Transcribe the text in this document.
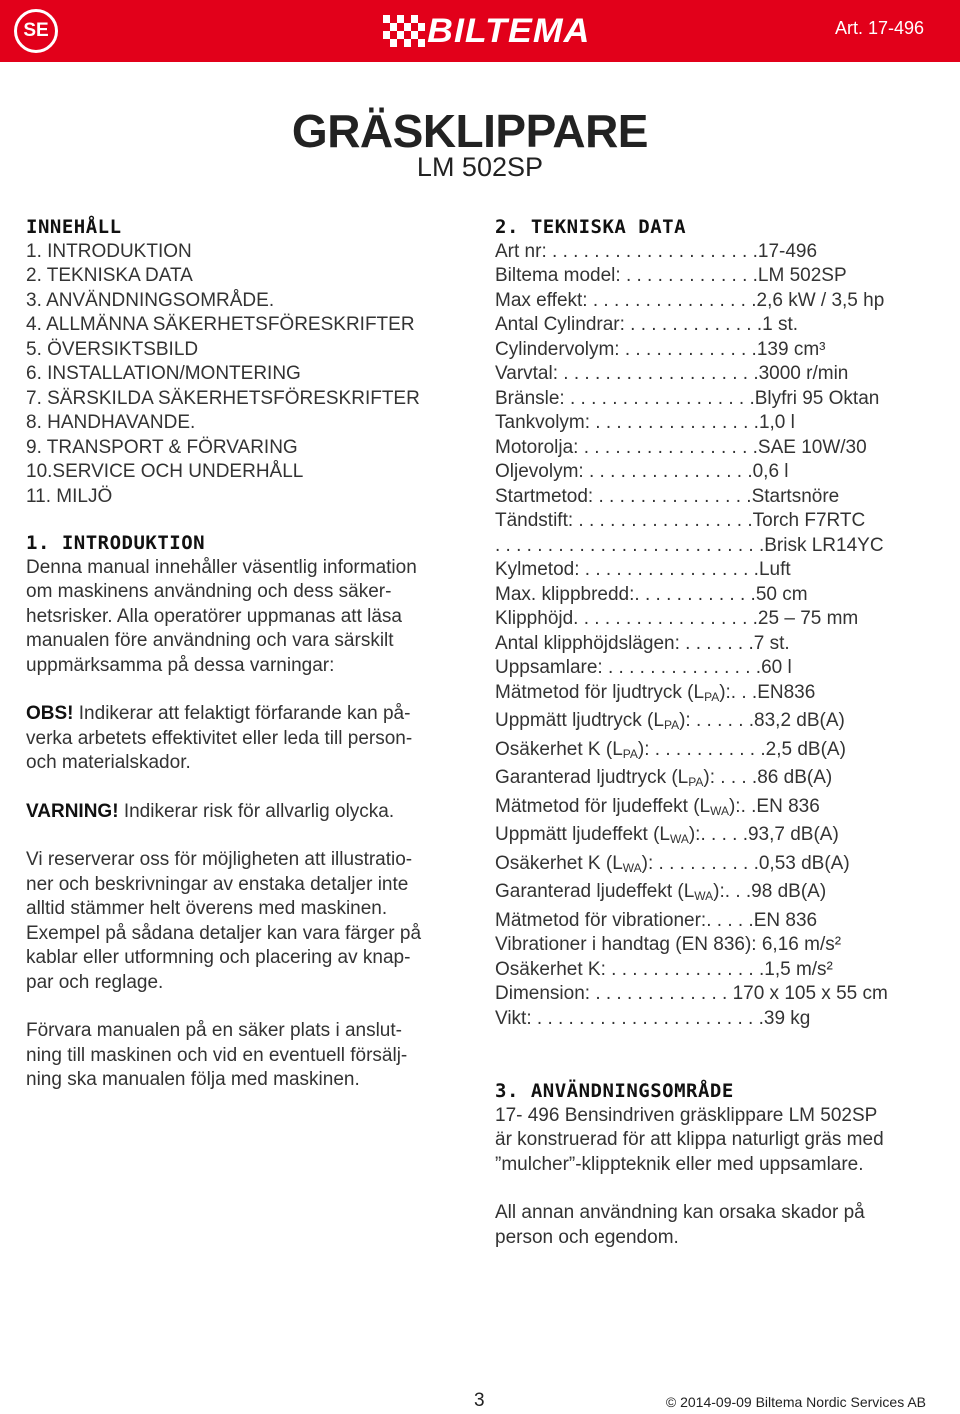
SE	BILTEMA	Art. 17-496
GRÄSKLIPPARE
LM 502SP
INNEHÅLL
1. INTRODUKTION
2. TEKNISKA DATA
3. ANVÄNDNINGSOMRÅDE.
4. ALLMÄNNA SÄKERHETSFÖRESKRIFTER
5. ÖVERSIKTSBILD
6. INSTALLATION/MONTERING
7. SÄRSKILDA SÄKERHETSFÖRESKRIFTER
8. HANDHAVANDE.
9. TRANSPORT & FÖRVARING
10.SERVICE OCH UNDERHÅLL
11. MILJÖ
1. INTRODUKTION
Denna manual innehåller väsentlig information
om maskinens användning och dess säker-
hetsrisker. Alla operatörer uppmanas att läsa
manualen före användning och vara särskilt
uppmärksamma på dessa varningar:
OBS! Indikerar att felaktigt förfarande kan på-
verka arbetets effektivitet eller leda till person-
och materialskador.
VARNING! Indikerar risk för allvarlig olycka.
Vi reserverar oss för möjligheten att illustratio-
ner och beskrivningar av enstaka detaljer inte
alltid stämmer helt överens med maskinen.
Exempel på sådana detaljer kan vara färger på
kablar eller utformning och placering av knap-
par och reglage.
Förvara manualen på en säker plats i anslut-
ning till maskinen och vid en eventuell försälj-
ning ska manualen följa med maskinen.
2. TEKNISKA DATA
Art nr: . . . . . . . . . . . . . . . . . . . .17-496
Biltema model: . . . . . . . . . . . . .LM 502SP
Max effekt: . . . . . . . . . . . . . . . .2,6 kW / 3,5 hp
Antal Cylindrar: . . . . . . . . . . . . .1 st.
Cylindervolym: . . . . . . . . . . . . .139 cm³
Varvtal: . . . . . . . . . . . . . . . . . . .3000 r/min
Bränsle: . . . . . . . . . . . . . . . . . .Blyfri 95 Oktan
Tankvolym: . . . . . . . . . . . . . . . .1,0 l
Motorolja: . . . . . . . . . . . . . . . . .SAE 10W/30
Oljevolym: . . . . . . . . . . . . . . . .0,6 l
Startmetod: . . . . . . . . . . . . . . .Startsnöre
Tändstift: . . . . . . . . . . . . . . . . .Torch F7RTC
. . . . . . . . . . . . . . . . . . . . . . . . . .Brisk LR14YC
Kylmetod: . . . . . . . . . . . . . . . . .Luft
Max. klippbredd:. . . . . . . . . . . .50 cm
Klipphöjd. . . . . . . . . . . . . . . . . .25 – 75 mm
Antal klipphöjdslägen: . . . . . . .7 st.
Uppsamlare: . . . . . . . . . . . . . . .60 l
Mätmetod för ljudtryck $(L_{PA})$:. . .EN836
Uppmätt ljudtryck $(L_{PA})$: . . . . . .83,2 dB(A)
Osäkerhet K $(L_{PA})$: . . . . . . . . . . .2,5 dB(A)
Garanterad ljudtryck $(L_{PA})$: . . . .86 dB(A)
Mätmetod för ljudeffekt $(L_{WA})$:. .EN 836
Uppmätt ljudeffekt $(L_{WA})$:. . . . .93,7 dB(A)
Osäkerhet K $(L_{WA})$: . . . . . . . . . .0,53 dB(A)
Garanterad ljudeffekt $(L_{WA})$:. . .98 dB(A)
Mätmetod för vibrationer:. . . . .EN 836
Vibrationer i handtag (EN 836): 6,16 m/s²
Osäkerhet K: . . . . . . . . . . . . . . .1,5 m/s²
Dimension: . . . . . . . . . . . . . 170 x 105 x 55 cm
Vikt: . . . . . . . . . . . . . . . . . . . . . .39 kg
3. ANVÄNDNINGSOMRÅDE
17- 496 Bensindriven gräsklippare LM 502SP
är konstruerad för att klippa naturligt gräs med
”mulcher”-klippteknik eller med uppsamlare.
All annan användning kan orsaka skador på
person och egendom.
3	© 2014-09-09 Biltema Nordic Services AB
